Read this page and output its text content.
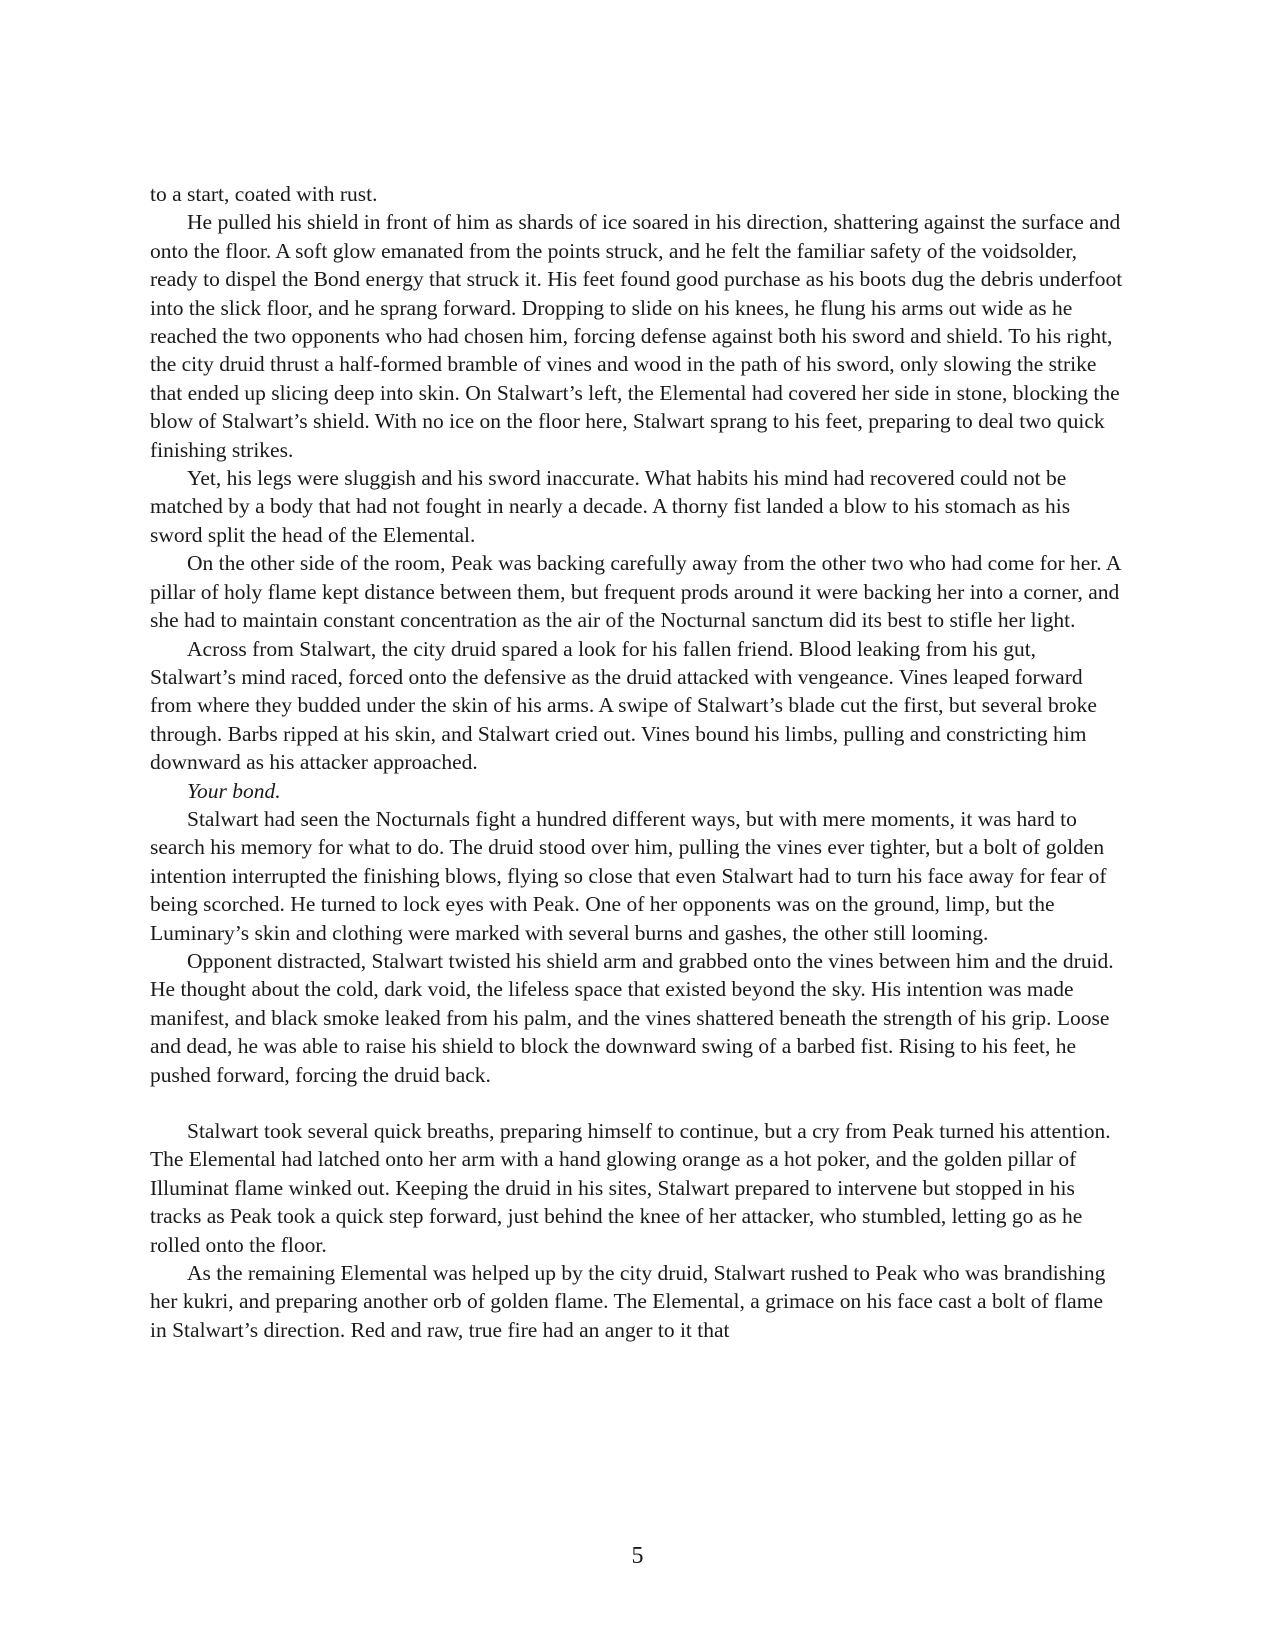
to a start, coated with rust.

He pulled his shield in front of him as shards of ice soared in his direction, shattering against the surface and onto the floor. A soft glow emanated from the points struck, and he felt the familiar safety of the voidsolder, ready to dispel the Bond energy that struck it. His feet found good purchase as his boots dug the debris underfoot into the slick floor, and he sprang forward. Dropping to slide on his knees, he flung his arms out wide as he reached the two opponents who had chosen him, forcing defense against both his sword and shield. To his right, the city druid thrust a half-formed bramble of vines and wood in the path of his sword, only slowing the strike that ended up slicing deep into skin. On Stalwart’s left, the Elemental had covered her side in stone, blocking the blow of Stalwart’s shield. With no ice on the floor here, Stalwart sprang to his feet, preparing to deal two quick finishing strikes.

Yet, his legs were sluggish and his sword inaccurate. What habits his mind had recovered could not be matched by a body that had not fought in nearly a decade. A thorny fist landed a blow to his stomach as his sword split the head of the Elemental.

On the other side of the room, Peak was backing carefully away from the other two who had come for her. A pillar of holy flame kept distance between them, but frequent prods around it were backing her into a corner, and she had to maintain constant concentration as the air of the Nocturnal sanctum did its best to stifle her light.

Across from Stalwart, the city druid spared a look for his fallen friend. Blood leaking from his gut, Stalwart’s mind raced, forced onto the defensive as the druid attacked with vengeance. Vines leaped forward from where they budded under the skin of his arms. A swipe of Stalwart’s blade cut the first, but several broke through. Barbs ripped at his skin, and Stalwart cried out. Vines bound his limbs, pulling and constricting him downward as his attacker approached.

Your bond.

Stalwart had seen the Nocturnals fight a hundred different ways, but with mere moments, it was hard to search his memory for what to do. The druid stood over him, pulling the vines ever tighter, but a bolt of golden intention interrupted the finishing blows, flying so close that even Stalwart had to turn his face away for fear of being scorched. He turned to lock eyes with Peak. One of her opponents was on the ground, limp, but the Luminary’s skin and clothing were marked with several burns and gashes, the other still looming.

Opponent distracted, Stalwart twisted his shield arm and grabbed onto the vines between him and the druid. He thought about the cold, dark void, the lifeless space that existed beyond the sky. His intention was made manifest, and black smoke leaked from his palm, and the vines shattered beneath the strength of his grip. Loose and dead, he was able to raise his shield to block the downward swing of a barbed fist. Rising to his feet, he pushed forward, forcing the druid back.

Stalwart took several quick breaths, preparing himself to continue, but a cry from Peak turned his attention. The Elemental had latched onto her arm with a hand glowing orange as a hot poker, and the golden pillar of Illuminat flame winked out. Keeping the druid in his sites, Stalwart prepared to intervene but stopped in his tracks as Peak took a quick step forward, just behind the knee of her attacker, who stumbled, letting go as he rolled onto the floor.

As the remaining Elemental was helped up by the city druid, Stalwart rushed to Peak who was brandishing her kukri, and preparing another orb of golden flame. The Elemental, a grimace on his face cast a bolt of flame in Stalwart’s direction. Red and raw, true fire had an anger to it that

5
